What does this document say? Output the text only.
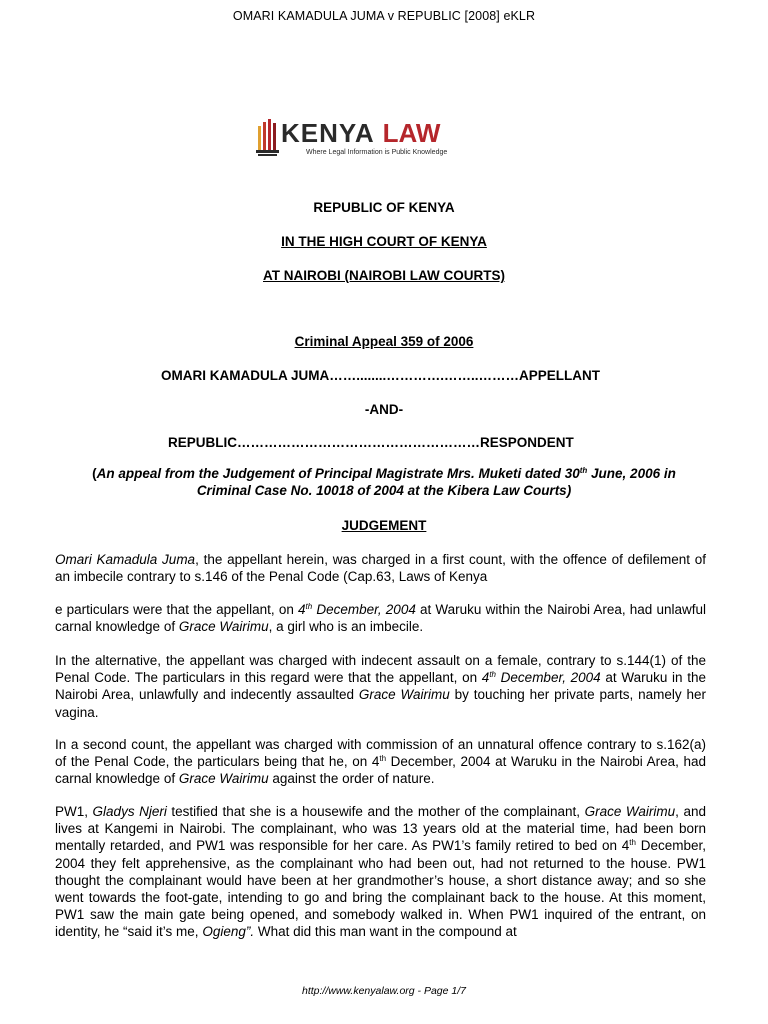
OMARI KAMADULA JUMA v REPUBLIC [2008] eKLR
KENYA LAW
Where Legal Information is Public Knowledge
REPUBLIC OF KENYA
IN THE HIGH COURT OF KENYA
AT NAIROBI (NAIROBI LAW COURTS)
Criminal Appeal 359 of 2006
OMARI KAMADULA JUMA……........………….……..………APPELLANT
-AND-
REPUBLIC………………………………………………RESPONDENT
(An appeal from the Judgement of Principal Magistrate Mrs. Muketi dated 30th June, 2006 in
Criminal Case No. 10018 of 2004 at the Kibera Law Courts)
JUDGEMENT
Omari Kamadula Juma, the appellant herein, was charged in a first count, with the offence of defilement of an imbecile contrary to s.146 of the Penal Code (Cap.63, Laws of Kenya
e particulars were that the appellant, on 4th December, 2004 at Waruku within the Nairobi Area, had unlawful carnal knowledge of Grace Wairimu, a girl who is an imbecile.
In the alternative, the appellant was charged with indecent assault on a female, contrary to s.144(1) of the Penal Code. The particulars in this regard were that the appellant, on 4th December, 2004 at Waruku in the Nairobi Area, unlawfully and indecently assaulted Grace Wairimu by touching her private parts, namely her vagina.
In a second count, the appellant was charged with commission of an unnatural offence contrary to s.162(a) of the Penal Code, the particulars being that he, on 4th December, 2004 at Waruku in the Nairobi Area, had carnal knowledge of Grace Wairimu against the order of nature.
PW1, Gladys Njeri testified that she is a housewife and the mother of the complainant, Grace Wairimu, and lives at Kangemi in Nairobi. The complainant, who was 13 years old at the material time, had been born mentally retarded, and PW1 was responsible for her care. As PW1’s family retired to bed on 4th December, 2004 they felt apprehensive, as the complainant who had been out, had not returned to the house. PW1 thought the complainant would have been at her grandmother’s house, a short distance away; and so she went towards the foot-gate, intending to go and bring the complainant back to the house. At this moment, PW1 saw the main gate being opened, and somebody walked in. When PW1 inquired of the entrant, on identity, he “said it’s me, Ogieng”. What did this man want in the compound at
http://www.kenyalaw.org - Page 1/7
